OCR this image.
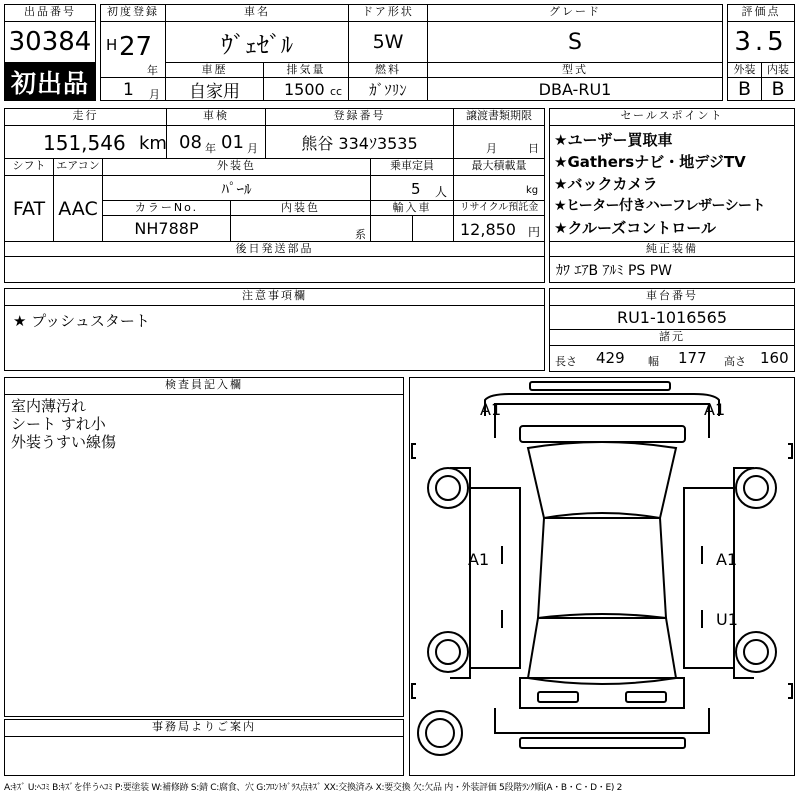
出品番号
30384
初出品
初度登録
H 27
年
1 月
車名
ｳﾞｪｾﾞﾙ
ドア形状
5W
グレード
S
評価点
3.5
車歴
自家用
排気量
1500 cc
燃料
ｶﾞｿﾘﾝ
型式
DBA-RU1
外装
B
内装
B
走行
151,546 km
車検
08 年 01 月
登録番号
熊谷 334ｿ3535
譲渡書類期限
月	日
シフト
FAT
エアコン
AAC
外装色
ﾊﾟｰﾙ
乗車定員
5 人
最大積載量
kg
カラーNo.
NH788P
内装色
系
輸入車	リサイクル預託金
12,850 円
後日発送部品
セールスポイント
★ユーザー買取車
★Gathersナビ・地デジTV
★バックカメラ
★ヒーター付きハーフレザーシート
★クルーズコントロール
純正装備
ｶﾜ ｴｱB ｱﾙﾐ PS PW
注意事項欄
★ プッシュスタート
車台番号
RU1-1016565
諸元
長さ 429 幅 177 高さ 160
検査員記入欄
室内薄汚れ
シート すれ小
外装うすい線傷
事務局よりご案内
A1	A1
A1	A1
U1
A:ｷｽﾞ U:ﾍｺﾐ B:ｷｽﾞを伴うﾍｺﾐ P:要塗装 W:補修跡 S:錆 C:腐食、穴 G:ﾌﾛﾝﾄｶﾞﾗｽ点ｷｽﾞ XX:交換済み X:要交換 欠:欠品 内・外装評価 5段階ﾗﾝｸ順(A・B・C・D・E) 2
